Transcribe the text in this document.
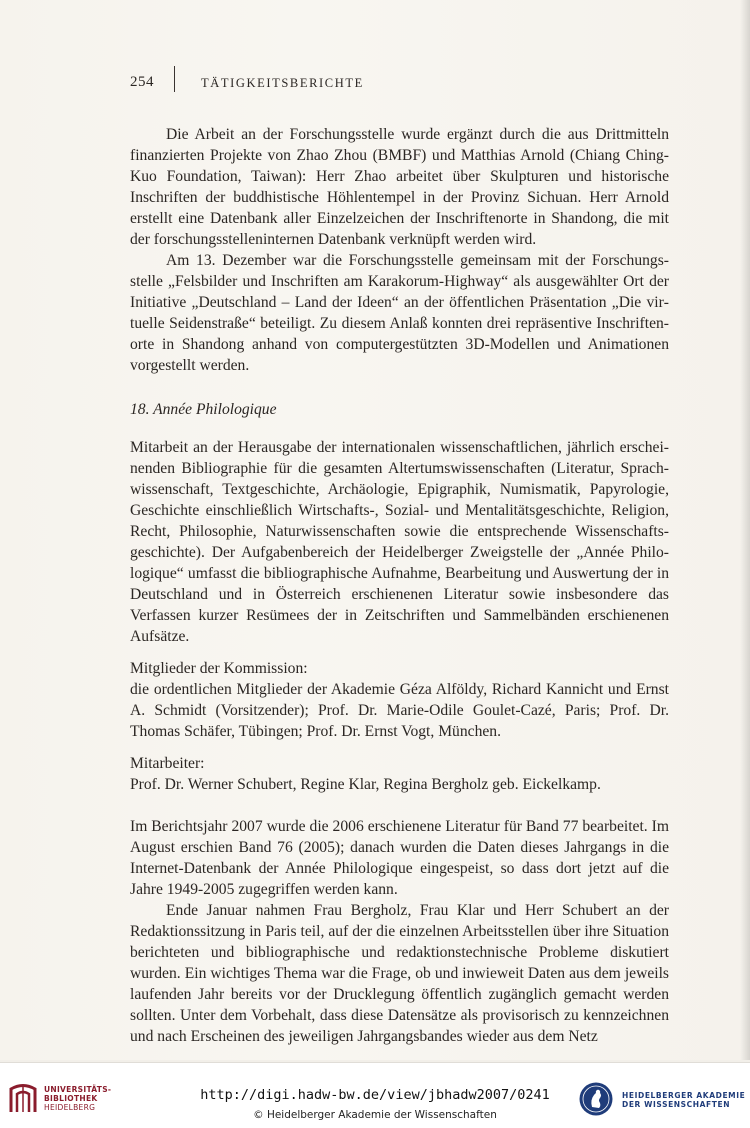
254	TÄTIGKEITSBERICHTE

Die Arbeit an der Forschungsstelle wurde ergänzt durch die aus Drittmitteln finanzierten Projekte von Zhao Zhou (BMBF) und Matthias Arnold (Chiang Ching-Kuo Foundation, Taiwan): Herr Zhao arbeitet über Skulpturen und historische Inschriften der buddhistische Höhlentempel in der Provinz Sichuan. Herr Arnold erstellt eine Datenbank aller Einzelzeichen der Inschriftenorte in Shandong, die mit der forschungsstelleninternen Datenbank verknüpft werden wird.

Am 13. Dezember war die Forschungsstelle gemeinsam mit der Forschungsstelle „Felsbilder und Inschriften am Karakorum-Highway“ als ausgewählter Ort der Initiative „Deutschland – Land der Ideen“ an der öffentlichen Präsentation „Die virtuelle Seidenstraße“ beteiligt. Zu diesem Anlaß konnten drei repräsentive Inschriftenorte in Shandong anhand von computergestützten 3D-Modellen und Animationen vorgestellt werden.

18. Année Philologique

Mitarbeit an der Herausgabe der internationalen wissenschaftlichen, jährlich erscheinenden Bibliographie für die gesamten Altertumswissenschaften (Literatur, Sprachwissenschaft, Textgeschichte, Archäologie, Epigraphik, Numismatik, Papyrologie, Geschichte einschließlich Wirtschafts-, Sozial- und Mentalitätsgeschichte, Religion, Recht, Philosophie, Naturwissenschaften sowie die entsprechende Wissenschaftsgeschichte). Der Aufgabenbereich der Heidelberger Zweigstelle der „Année Philologique“ umfasst die bibliographische Aufnahme, Bearbeitung und Auswertung der in Deutschland und in Österreich erschienenen Literatur sowie insbesondere das Verfassen kurzer Resümees der in Zeitschriften und Sammelbänden erschienenen Aufsätze.

Mitglieder der Kommission:

die ordentlichen Mitglieder der Akademie Géza Alföldy, Richard Kannicht und Ernst A. Schmidt (Vorsitzender); Prof. Dr. Marie-Odile Goulet-Cazé, Paris; Prof. Dr. Thomas Schäfer, Tübingen; Prof. Dr. Ernst Vogt, München.

Mitarbeiter:

Prof. Dr. Werner Schubert, Regine Klar, Regina Bergholz geb. Eickelkamp.

Im Berichtsjahr 2007 wurde die 2006 erschienene Literatur für Band 77 bearbeitet. Im August erschien Band 76 (2005); danach wurden die Daten dieses Jahrgangs in die Internet-Datenbank der Année Philologique eingespeist, so dass dort jetzt auf die Jahre 1949-2005 zugegriffen werden kann.

Ende Januar nahmen Frau Bergholz, Frau Klar und Herr Schubert an der Redaktionssitzung in Paris teil, auf der die einzelnen Arbeitsstellen über ihre Situation berichteten und bibliographische und redaktionstechnische Probleme diskutiert wurden. Ein wichtiges Thema war die Frage, ob und inwieweit Daten aus dem jeweils laufenden Jahr bereits vor der Drucklegung öffentlich zugänglich gemacht werden sollten. Unter dem Vorbehalt, dass diese Datensätze als provisorisch zu kennzeichnen und nach Erscheinen des jeweiligen Jahrgangsbandes wieder aus dem Netz

UNIVERSITÄTS-
BIBLIOTHEK
HEIDELBERG
http://digi.hadw-bw.de/view/jbhadw2007/0241
© Heidelberger Akademie der Wissenschaften
HEIDELBERGER AKADEMIE
DER WISSENSCHAFTEN
